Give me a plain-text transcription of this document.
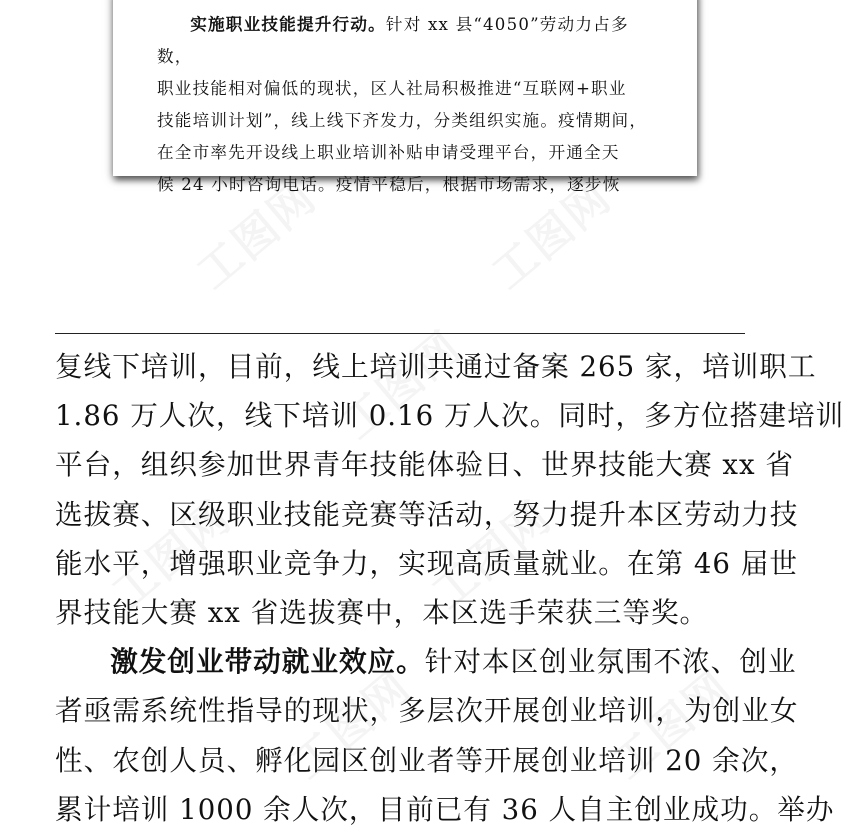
实施职业技能提升行动。针对 xx 县“4050”劳动力占多数，

职业技能相对偏低的现状，区人社局积极推进“互联网+职业
技能培训计划”，线上线下齐发力，分类组织实施。疫情期间，
在全市率先开设线上职业培训补贴申请受理平台，开通全天
候 24 小时咨询电话。疫情平稳后，根据市场需求，逐步恢

复线下培训，目前，线上培训共通过备案 265 家，培训职工

1.86 万人次，线下培训 0.16 万人次。同时，多方位搭建培训

平台，组织参加世界青年技能体验日、世界技能大赛 xx 省

选拔赛、区级职业技能竞赛等活动，努力提升本区劳动力技

能水平，增强职业竞争力，实现高质量就业。在第 46 届世

界技能大赛 xx 省选拔赛中，本区选手荣获三等奖。

激发创业带动就业效应。针对本区创业氛围不浓、创业

者亟需系统性指导的现状，多层次开展创业培训，为创业女

性、农创人员、孵化园区创业者等开展创业培训 20 余次，

累计培训 1000 余人次，目前已有 36 人自主创业成功。举办
